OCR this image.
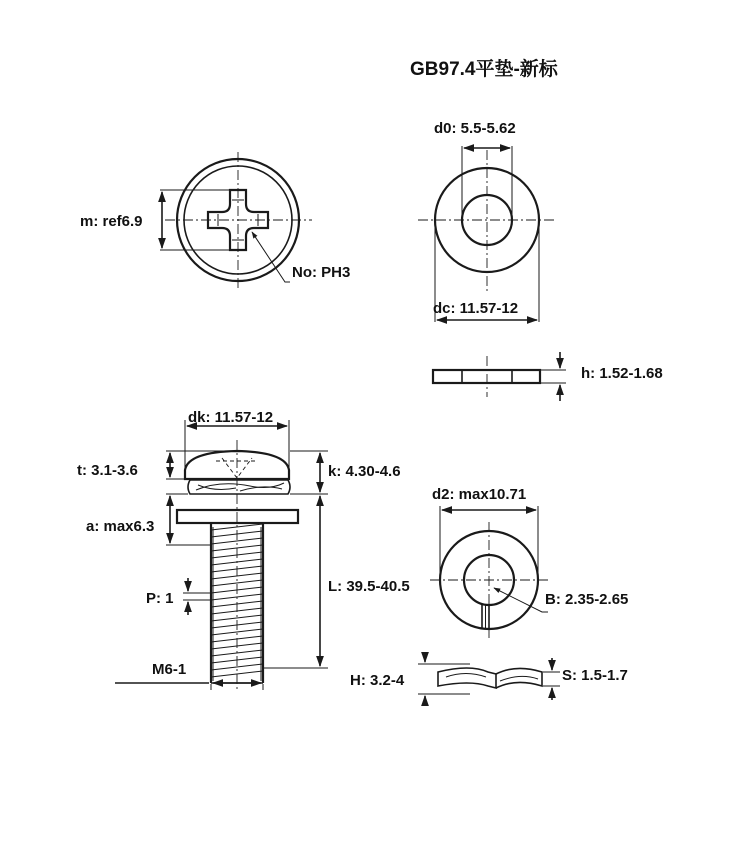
GB97.4平垫-新标
m: ref6.9
No: PH3
d0: 5.5-5.62
dc: 11.57-12
h: 1.52-1.68
dk: 11.57-12
t: 3.1-3.6
a: max6.3
P: 1
k: 4.30-4.6
L: 39.5-40.5
M6-1
d2: max10.71
B: 2.35-2.65
H: 3.2-4	S: 1.5-1.7
